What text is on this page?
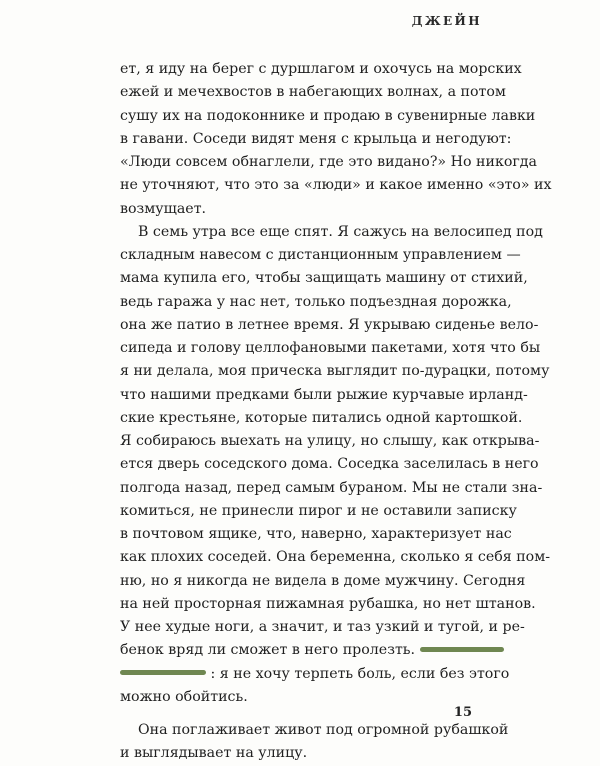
ДЖЕЙН
ет, я иду на берег с дуршлагом и охочусь на морских
ежей и мечехвостов в набегающих волнах, а потом
сушу их на подоконнике и продаю в сувенирные лавки
в гавани. Соседи видят меня с крыльца и негодуют:
«Люди совсем обнаглели, где это видано?» Но никогда
не уточняют, что это за «люди» и какое именно «это» их
возмущает.
В семь утра все еще спят. Я сажусь на велосипед под
складным навесом с дистанционным управлением —
мама купила его, чтобы защищать машину от стихий,
ведь гаража у нас нет, только подъездная дорожка,
она же патио в летнее время. Я укрываю сиденье вело-
сипеда и голову целлофановыми пакетами, хотя что бы
я ни делала, моя прическа выглядит по-дурацки, потому
что нашими предками были рыжие курчавые ирланд-
ские крестьяне, которые питались одной картошкой.
Я собираюсь выехать на улицу, но слышу, как открыва-
ется дверь соседского дома. Соседка заселилась в него
полгода назад, перед самым бураном. Мы не стали зна-
комиться, не принесли пирог и не оставили записку
в почтовом ящике, что, наверно, характеризует нас
как плохих соседей. Она беременна, сколько я себя пом-
ню, но я никогда не видела в доме мужчину. Сегодня
на ней просторная пижамная рубашка, но нет штанов.
У нее худые ноги, а значит, и таз узкий и тугой, и ре-
бенок вряд ли сможет в него пролезть.
: я не хочу терпеть боль, если без этого
можно обойтись.
Она поглаживает живот под огромной рубашкой
и выглядывает на улицу.
15
